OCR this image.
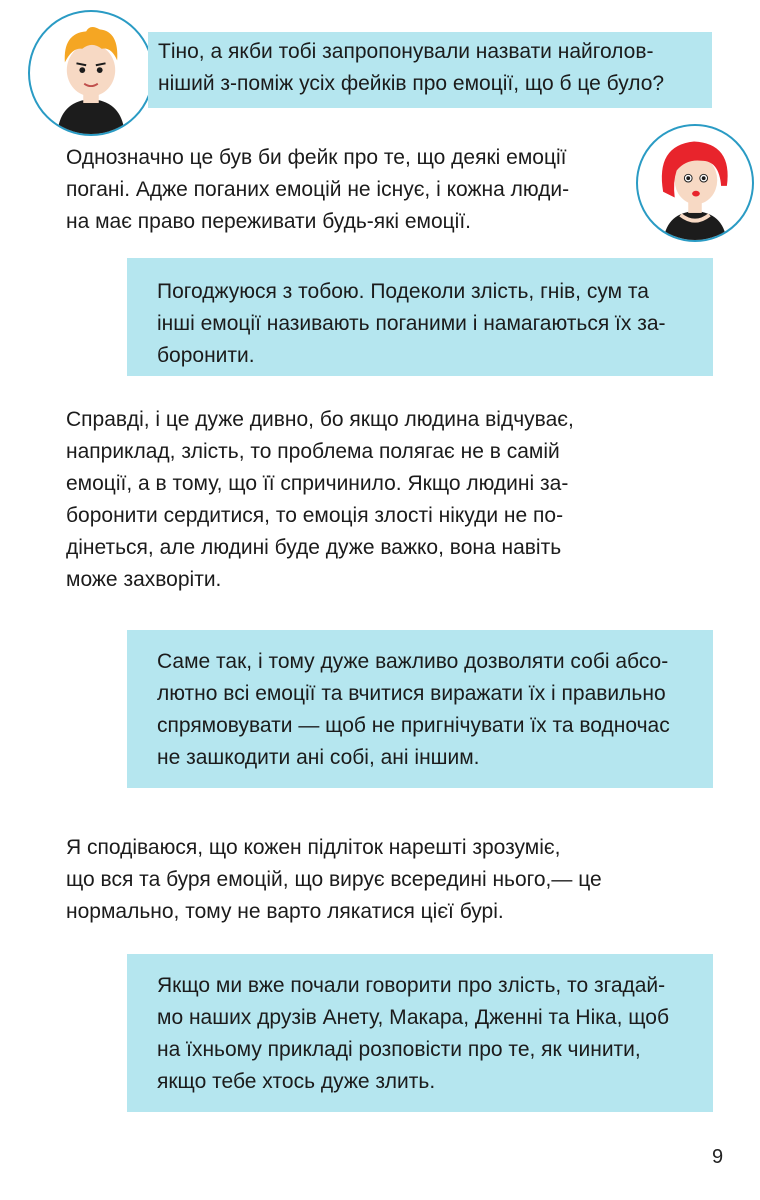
Тіно, а якби тобі запропонували назвати найголов-

ніший з-поміж усіх фейків про емоції, що б це було?

Однозначно це був би фейк про те, що деякі емоції

погані. Адже поганих емоцій не існує, і кожна люди-

на має право переживати будь-які емоції.

Погоджуюся з тобою. Подеколи злість, гнів, сум та

інші емоції називають поганими і намагаються їх за-

боронити.

Справді, і це дуже дивно, бо якщо людина відчуває,

наприклад, злість, то проблема полягає не в самій

емоції, а в тому, що її спричинило. Якщо людині за-

боронити сердитися, то емоція злості нікуди не по-

дінеться, але людині буде дуже важко, вона навіть

може захворіти.

Саме так, і тому дуже важливо дозволяти собі абсо-

лютно всі емоції та вчитися виражати їх і правильно

спрямовувати — щоб не пригнічувати їх та водночас

не зашкодити ані собі, ані іншим.

Я сподіваюся, що кожен підліток нарешті зрозуміє,

що вся та буря емоцій, що вирує всередині нього,— це

нормально, тому не варто лякатися цієї бурі.

Якщо ми вже почали говорити про злість, то згадай-

мо наших друзів Анету, Макара, Дженні та Ніка, щоб

на їхньому прикладі розповісти про те, як чинити,

якщо тебе хтось дуже злить.

9
